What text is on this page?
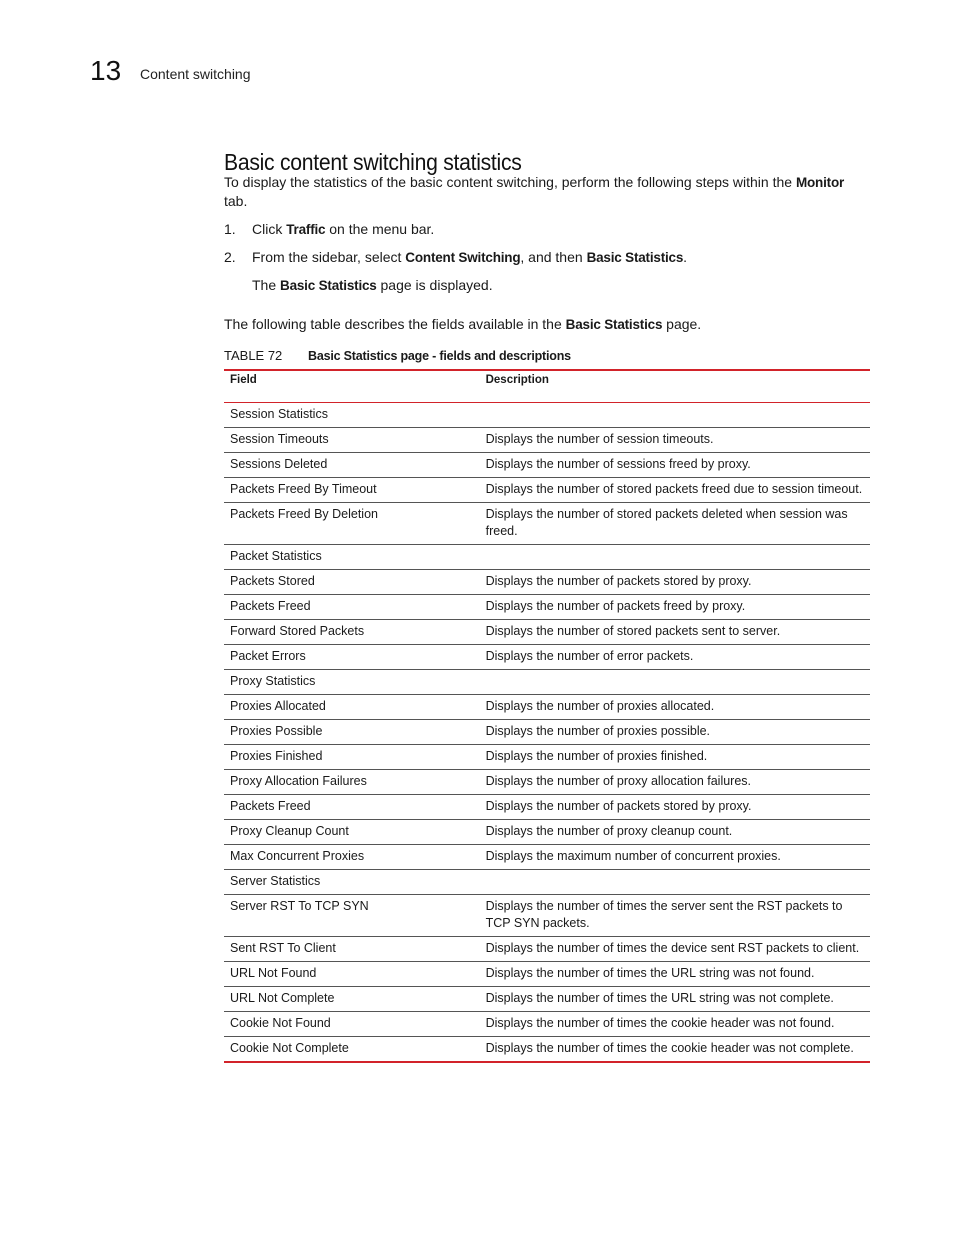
13 Content switching
Basic content switching statistics
To display the statistics of the basic content switching, perform the following steps within the Monitor tab.
1. Click Traffic on the menu bar.
2. From the sidebar, select Content Switching, and then Basic Statistics.
The Basic Statistics page is displayed.
The following table describes the fields available in the Basic Statistics page.
TABLE 72 Basic Statistics page - fields and descriptions
Field	Description
Session Statistics	
Session Timeouts	Displays the number of session timeouts.
Sessions Deleted	Displays the number of sessions freed by proxy.
Packets Freed By Timeout	Displays the number of stored packets freed due to session timeout.
Packets Freed By Deletion	Displays the number of stored packets deleted when session was freed.
Packet Statistics	
Packets Stored	Displays the number of packets stored by proxy.
Packets Freed	Displays the number of packets freed by proxy.
Forward Stored Packets	Displays the number of stored packets sent to server.
Packet Errors	Displays the number of error packets.
Proxy Statistics	
Proxies Allocated	Displays the number of proxies allocated.
Proxies Possible	Displays the number of proxies possible.
Proxies Finished	Displays the number of proxies finished.
Proxy Allocation Failures	Displays the number of proxy allocation failures.
Packets Freed	Displays the number of packets stored by proxy.
Proxy Cleanup Count	Displays the number of proxy cleanup count.
Max Concurrent Proxies	Displays the maximum number of concurrent proxies.
Server Statistics	
Server RST To TCP SYN	Displays the number of times the server sent the RST packets to TCP SYN packets.
Sent RST To Client	Displays the number of times the device sent RST packets to client.
URL Not Found	Displays the number of times the URL string was not found.
URL Not Complete	Displays the number of times the URL string was not complete.
Cookie Not Found	Displays the number of times the cookie header was not found.
Cookie Not Complete	Displays the number of times the cookie header was not complete.
